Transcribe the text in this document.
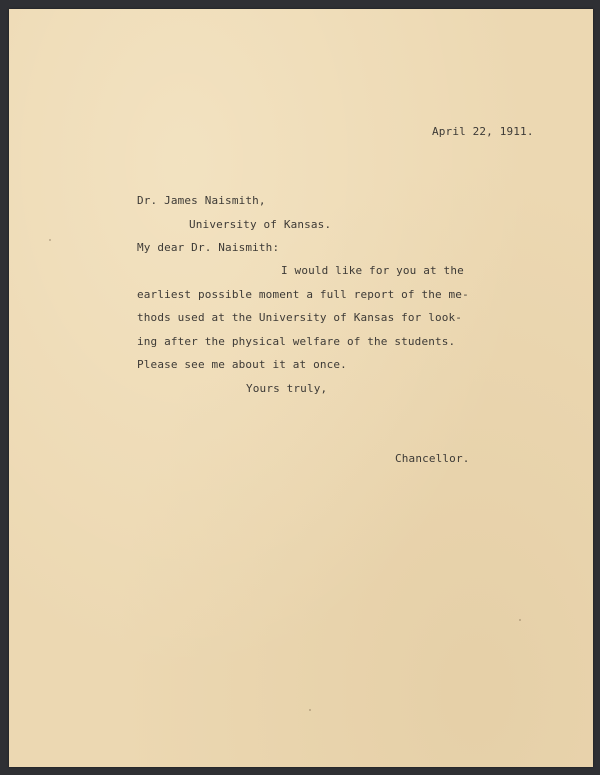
April 22, 1911.
Dr. James Naismith,
University of Kansas.
My dear Dr. Naismith:
I would like for you at the
earliest possible moment a full report of the me-
thods used at the University of Kansas for look-
ing after the physical welfare of the students.
Please see me about it at once.
Yours truly,
Chancellor.
